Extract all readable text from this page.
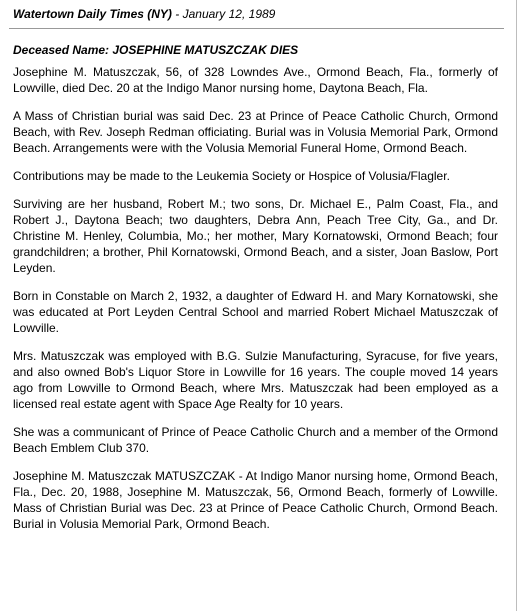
Watertown Daily Times (NY) - January 12, 1989
Deceased Name: JOSEPHINE MATUSZCZAK DIES

Josephine M. Matuszczak, 56, of 328 Lowndes Ave., Ormond Beach, Fla., formerly of Lowville, died Dec. 20 at the Indigo Manor nursing home, Daytona Beach, Fla.

A Mass of Christian burial was said Dec. 23 at Prince of Peace Catholic Church, Ormond Beach, with Rev. Joseph Redman officiating. Burial was in Volusia Memorial Park, Ormond Beach. Arrangements were with the Volusia Memorial Funeral Home, Ormond Beach.

Contributions may be made to the Leukemia Society or Hospice of Volusia/Flagler.

Surviving are her husband, Robert M.; two sons, Dr. Michael E., Palm Coast, Fla., and Robert J., Daytona Beach; two daughters, Debra Ann, Peach Tree City, Ga., and Dr. Christine M. Henley, Columbia, Mo.; her mother, Mary Kornatowski, Ormond Beach; four grandchildren; a brother, Phil Kornatowski, Ormond Beach, and a sister, Joan Baslow, Port Leyden.

Born in Constable on March 2, 1932, a daughter of Edward H. and Mary Kornatowski, she was educated at Port Leyden Central School and married Robert Michael Matuszczak of Lowville.

Mrs. Matuszczak was employed with B.G. Sulzie Manufacturing, Syracuse, for five years, and also owned Bob's Liquor Store in Lowville for 16 years. The couple moved 14 years ago from Lowville to Ormond Beach, where Mrs. Matuszczak had been employed as a licensed real estate agent with Space Age Realty for 10 years.

She was a communicant of Prince of Peace Catholic Church and a member of the Ormond Beach Emblem Club 370.

Josephine M. Matuszczak MATUSZCZAK - At Indigo Manor nursing home, Ormond Beach, Fla., Dec. 20, 1988, Josephine M. Matuszczak, 56, Ormond Beach, formerly of Lowville. Mass of Christian Burial was Dec. 23 at Prince of Peace Catholic Church, Ormond Beach. Burial in Volusia Memorial Park, Ormond Beach.
